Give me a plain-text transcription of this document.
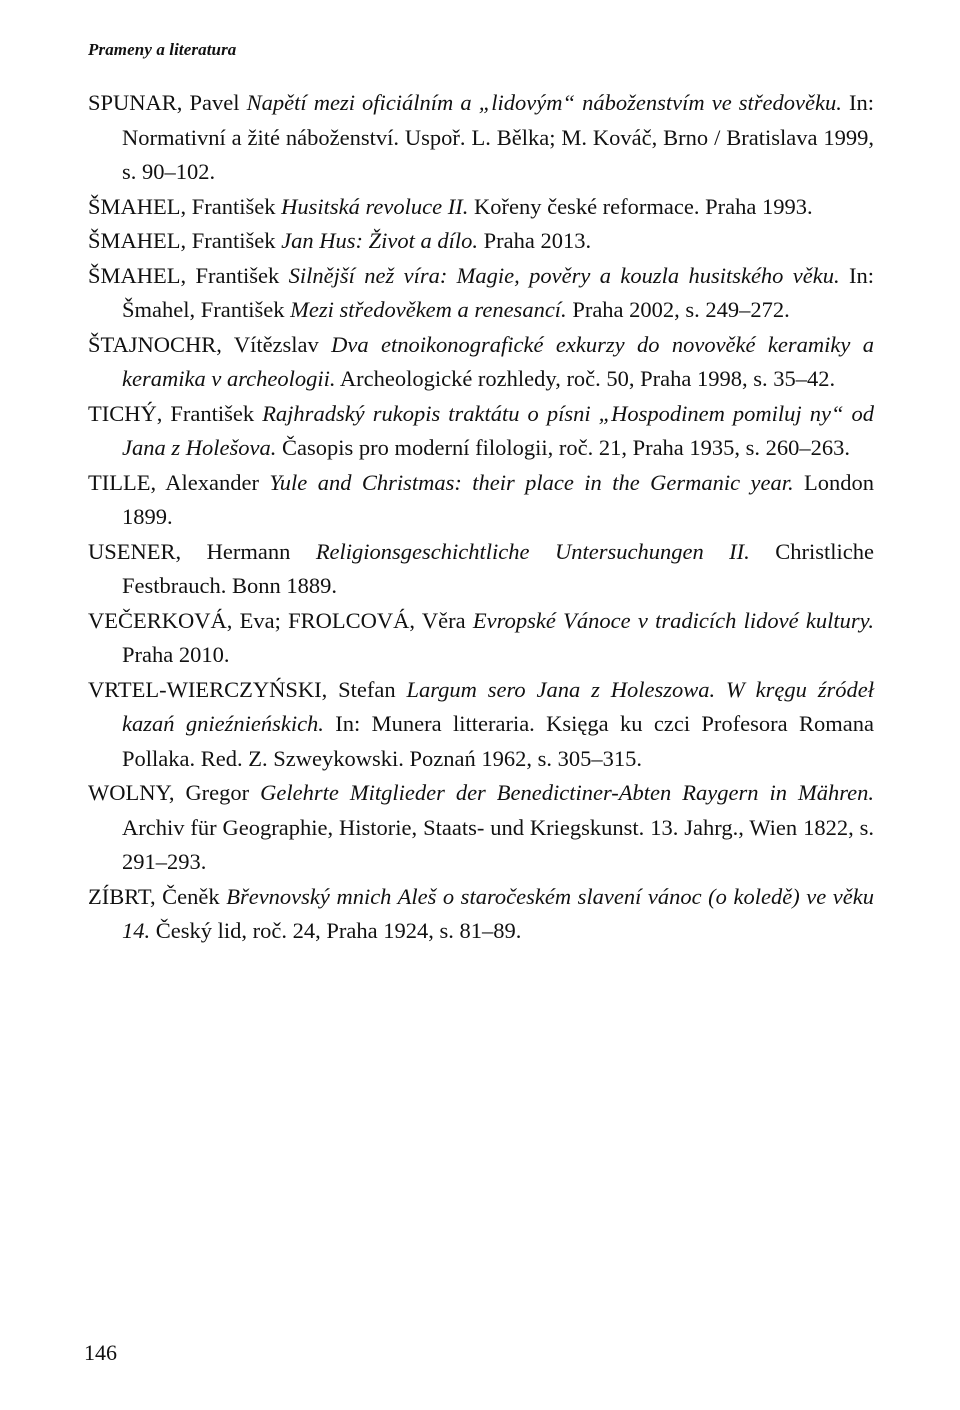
Prameny a literatura

SPUNAR, Pavel Napětí mezi oficiálním a „lidovým“ náboženstvím ve středověku. In: Normativní a žité náboženství. Uspoř. L. Bělka; M. Kováč, Brno / Bratislava 1999, s. 90–102.

ŠMAHEL, František Husitská revoluce II. Kořeny české reformace. Praha 1993.

ŠMAHEL, František Jan Hus: Život a dílo. Praha 2013.

ŠMAHEL, František Silnější než víra: Magie, pověry a kouzla husitského věku. In: Šmahel, František Mezi středověkem a renesancí. Praha 2002, s. 249–272.

ŠTAJNOCHR, Vítězslav Dva etnoikonografické exkurzy do novověké keramiky a keramika v archeologii. Archeologické rozhledy, roč. 50, Praha 1998, s. 35–42.

TICHÝ, František Rajhradský rukopis traktátu o písni „Hospodinem pomiluj ny“ od Jana z Holešova. Časopis pro moderní filologii, roč. 21, Praha 1935, s. 260–263.

TILLE, Alexander Yule and Christmas: their place in the Germanic year. London 1899.

USENER, Hermann Religionsgeschichtliche Untersuchungen II. Christliche Festbrauch. Bonn 1889.

VEČERKOVÁ, Eva; FROLCOVÁ, Věra Evropské Vánoce v tradicích lidové kultury. Praha 2010.

VRTEL-WIERCZYŃSKI, Stefan Largum sero Jana z Holeszowa. W kręgu źródeł kazań gnieźnieńskich. In: Munera litteraria. Księga ku czci Profesora Romana Pollaka. Red. Z. Szweykowski. Poznań 1962, s. 305–315.

WOLNY, Gregor Gelehrte Mitglieder der Benedictiner-Abten Raygern in Mähren. Archiv für Geographie, Historie, Staats- und Kriegskunst. 13. Jahrg., Wien 1822, s. 291–293.

ZÍBRT, Čeněk Břevnovský mnich Aleš o staročeském slavení vánoc (o koledě) ve věku 14. Český lid, roč. 24, Praha 1924, s. 81–89.

146
